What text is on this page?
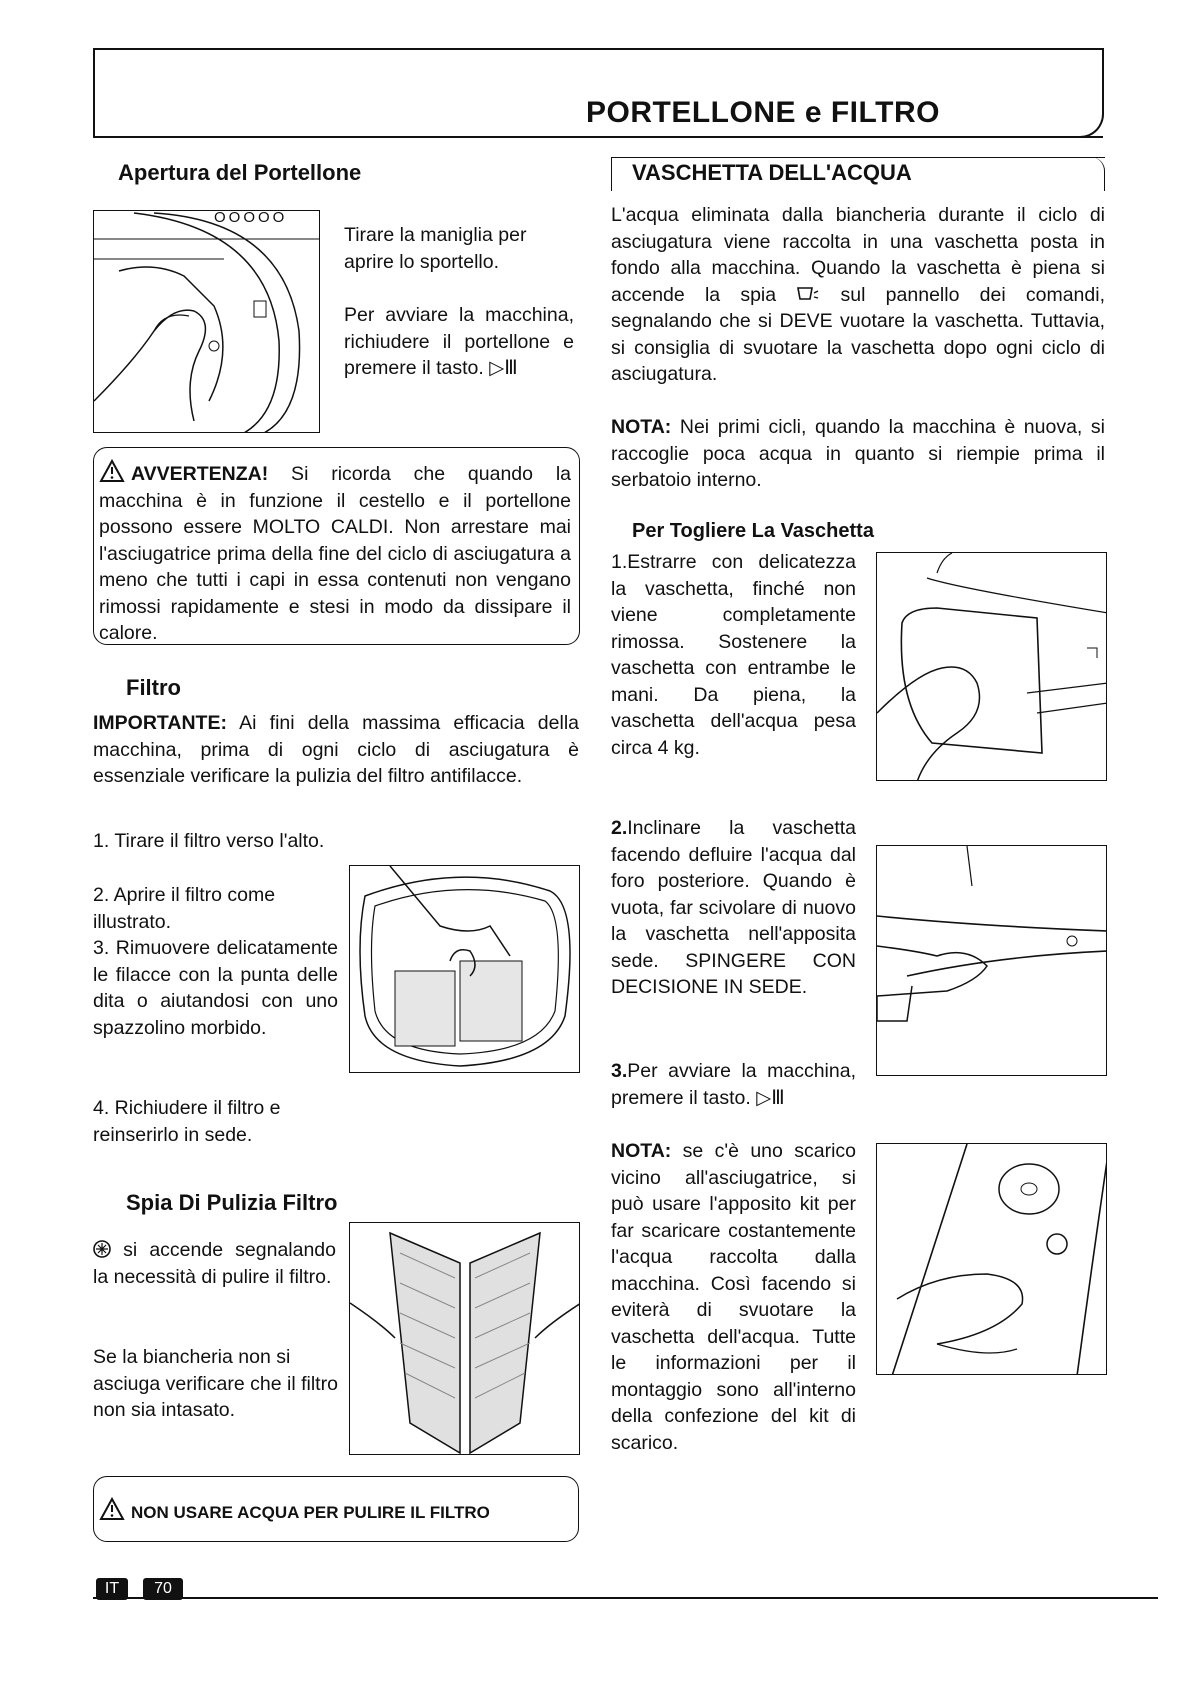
PORTELLONE e FILTRO
Apertura del Portellone
OOOOO
Tirare la maniglia per aprire lo sportello.
Per avviare la macchina, richiudere il portellone e premere il tasto. ▷Ⅲ
AVVERTENZA! Si ricorda che quando la macchina è in funzione il cestello e il portellone possono essere MOLTO CALDI. Non arrestare mai l'asciugatrice prima della fine del ciclo di asciugatura a meno che tutti i capi in essa contenuti non vengano rimossi rapidamente e stesi in modo da dissipare il calore.
Filtro
IMPORTANTE: Ai fini della massima efficacia della macchina, prima di ogni ciclo di asciugatura è essenziale verificare la pulizia del filtro antifilacce.
1. Tirare il filtro verso l'alto.
2. Aprire il filtro come illustrato.
3. Rimuovere delicatamente le filacce con la punta delle dita o aiutandosi con uno spazzolino morbido.
4. Richiudere il filtro e reinserirlo in sede.
Spia Di Pulizia Filtro
si accende segnalando la necessità di pulire il filtro.
Se la biancheria non si asciuga verificare che il filtro non sia intasato.
NON USARE ACQUA PER PULIRE IL FILTRO
VASCHETTA DELL'ACQUA
L'acqua eliminata dalla biancheria durante il ciclo di asciugatura viene raccolta in una vaschetta posta in fondo alla macchina. Quando la vaschetta è piena si accende la spia  sul pannello dei comandi, segnalando che si DEVE vuotare la vaschetta. Tuttavia, si consiglia di svuotare la vaschetta dopo ogni ciclo di asciugatura.
NOTA: Nei primi cicli, quando la macchina è nuova, si raccoglie poca acqua in quanto si riempie prima il serbatoio interno.
Per Togliere La Vaschetta
1.Estrarre con delicatezza la vaschetta, finché non viene completamente rimossa. Sostenere la vaschetta con entrambe le mani. Da piena, la vaschetta dell'acqua pesa circa 4 kg.
2.Inclinare la vaschetta facendo defluire l'acqua dal foro posteriore. Quando è vuota, far scivolare di nuovo la vaschetta nell'apposita sede. SPINGERE CON DECISIONE IN SEDE.
3.Per avviare la macchina, premere il tasto. ▷Ⅲ
NOTA: se c'è uno scarico vicino all'asciugatrice, si può usare l'apposito kit per far scaricare costantemente l'acqua raccolta dalla macchina. Così facendo si eviterà di svuotare la vaschetta dell'acqua. Tutte le informazioni per il montaggio sono all'interno della confezione del kit di scarico.
IT	70
